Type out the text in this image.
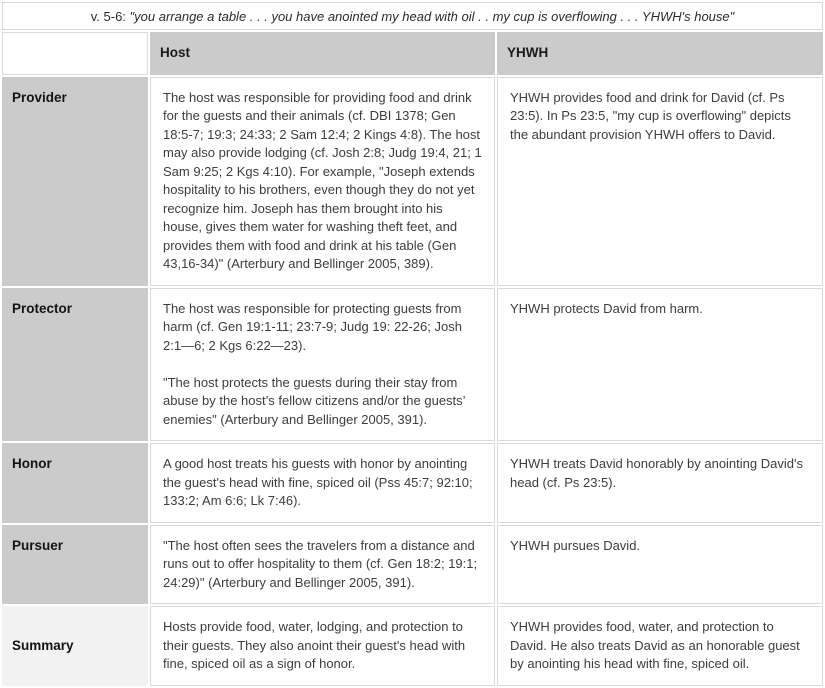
v. 5-6: "you arrange a table . . . you have anointed my head with oil . . my cup is overflowing . . . YHWH's house"
	Host	YHWH
Provider	The host was responsible for providing food and drink for the guests and their animals (cf. DBI 1378; Gen 18:5-7; 19:3; 24:33; 2 Sam 12:4; 2 Kings 4:8). The host may also provide lodging (cf. Josh 2:8; Judg 19:4, 21; 1 Sam 9:25; 2 Kgs 4:10). For example, "Joseph extends hospitality to his brothers, even though they do not yet recognize him. Joseph has them brought into his house, gives them water for washing theft feet, and provides them with food and drink at his table (Gen 43,16-34)" (Arterbury and Bellinger 2005, 389).	YHWH provides food and drink for David (cf. Ps 23:5). In Ps 23:5, "my cup is overflowing" depicts the abundant provision YHWH offers to David.
Protector	The host was responsible for protecting guests from harm (cf. Gen 19:1-11; 23:7-9; Judg 19: 22-26; Josh 2:1—6; 2 Kgs 6:22—23).

"The host protects the guests during their stay from abuse by the host’s fellow citizens and/or the guests’ enemies" (Arterbury and Bellinger 2005, 391).	YHWH protects David from harm.
Honor	A good host treats his guests with honor by anointing the guest's head with fine, spiced oil (Pss 45:7; 92:10; 133:2; Am 6:6; Lk 7:46).	YHWH treats David honorably by anointing David's head (cf. Ps 23:5).
Pursuer	"The host often sees the travelers from a distance and runs out to offer hospitality to them (cf. Gen 18:2; 19:1; 24:29)" (Arterbury and Bellinger 2005, 391).	YHWH pursues David.
Summary	Hosts provide food, water, lodging, and protection to their guests. They also anoint their guest's head with fine, spiced oil as a sign of honor.	YHWH provides food, water, and protection to David. He also treats David as an honorable guest by anointing his head with fine, spiced oil.
